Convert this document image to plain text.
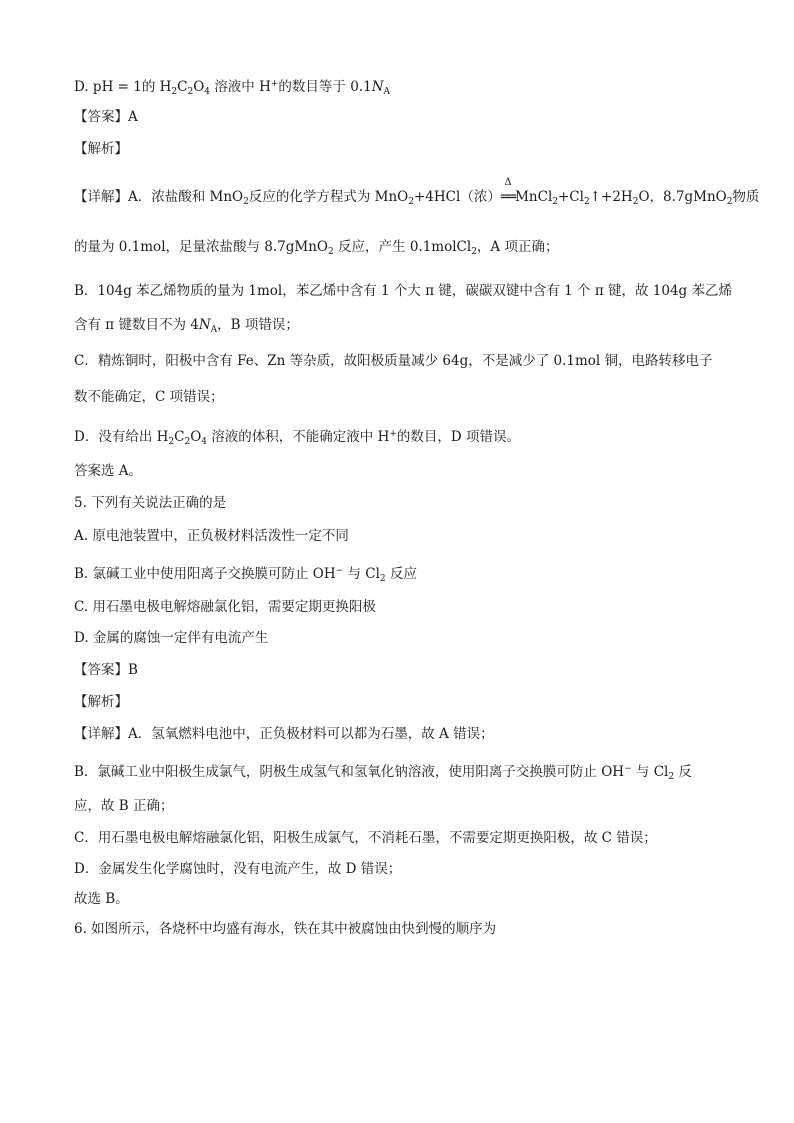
D. pH = 1的 $H_2C_2O_4$ 溶液中 H+的数目等于 $0.1N_A$
【答案】A
【解析】
【详解】A．浓盐酸和 MnO$_2$反应的化学方程式为 MnO$_2$+4HCl（浓）
Δ
$══MnCl_2+Cl_2↑+2H_2O$，8.7gMnO$_2$物质
的量为 0.1mol，足量浓盐酸与 8.7gMnO$_2$ 反应，产生 0.1molCl$_2$，A 项正确；
B．104g 苯乙烯物质的量为 1mol，苯乙烯中含有 1 个大 π 键，碳碳双键中含有 1 个 π 键，故 104g 苯乙烯
含有 π 键数目不为 $4N_A$，B 项错误；
C．精炼铜时，阳极中含有 Fe、Zn 等杂质，故阳极质量减少 64g，不是减少了 0.1mol 铜，电路转移电子
数不能确定，C 项错误；
D．没有给出 $H_2C_2O_4$ 溶液的体积，不能确定液中 H+的数目，D 项错误。
答案选 A。
5. 下列有关说法正确的是
A. 原电池装置中，正负极材料活泼性一定不同
B. 氯碱工业中使用阳离子交换膜可防止 OH− 与 $Cl_2$ 反应
C. 用石墨电极电解熔融氯化铝，需要定期更换阳极
D. 金属的腐蚀一定伴有电流产生
【答案】B
【解析】
【详解】A．氢氧燃料电池中，正负极材料可以都为石墨，故 A 错误；
B．氯碱工业中阳极生成氯气，阴极生成氢气和氢氧化钠溶液，使用阳离子交换膜可防止 OH− 与 $Cl_2$ 反
应，故 B 正确；
C．用石墨电极电解熔融氯化铝，阳极生成氯气，不消耗石墨，不需要定期更换阳极，故 C 错误；
D．金属发生化学腐蚀时，没有电流产生，故 D 错误；
故选 B。
6. 如图所示，各烧杯中均盛有海水，铁在其中被腐蚀由快到慢的顺序为
